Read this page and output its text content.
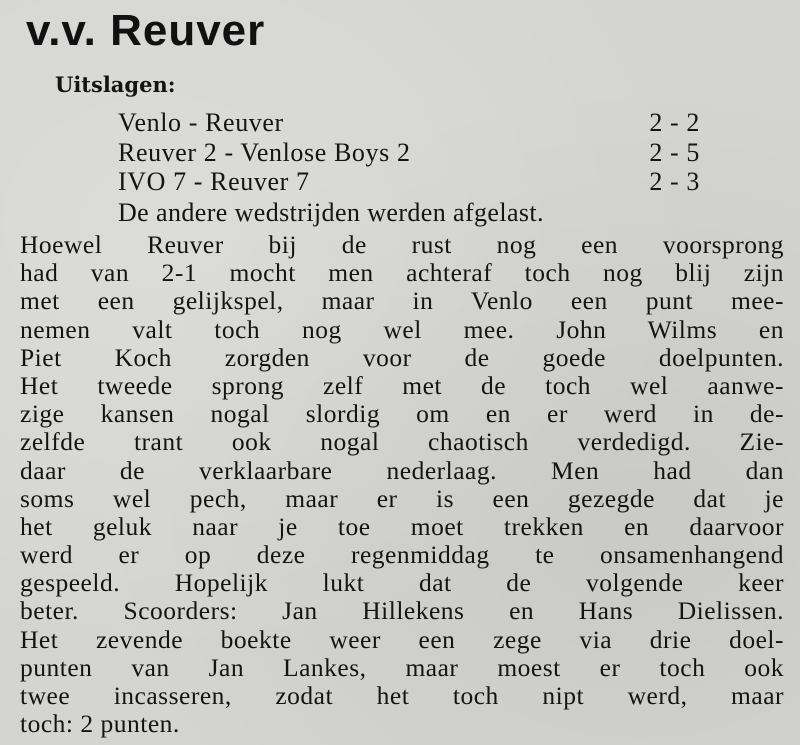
v.v. Reuver
Uitslagen:
Venlo - Reuver	2 - 2
Reuver 2 - Venlose Boys 2	2 - 5
IVO 7 - Reuver 7	2 - 3
De andere wedstrijden werden afgelast.
Hoewel Reuver bij de rust nog een voorsprong
had van 2-1 mocht men achteraf toch nog blij zijn
met een gelijkspel, maar in Venlo een punt mee-
nemen valt toch nog wel mee. John Wilms en
Piet Koch zorgden voor de goede doelpunten.
Het tweede sprong zelf met de toch wel aanwe-
zige kansen nogal slordig om en er werd in de-
zelfde trant ook nogal chaotisch verdedigd. Zie-
daar de verklaarbare nederlaag. Men had dan
soms wel pech, maar er is een gezegde dat je
het geluk naar je toe moet trekken en daarvoor
werd er op deze regenmiddag te onsamenhangend
gespeeld. Hopelijk lukt dat de volgende keer
beter. Scoorders: Jan Hillekens en Hans Dielissen.
Het zevende boekte weer een zege via drie doel-
punten van Jan Lankes, maar moest er toch ook
twee incasseren, zodat het toch nipt werd, maar
toch: 2 punten.
